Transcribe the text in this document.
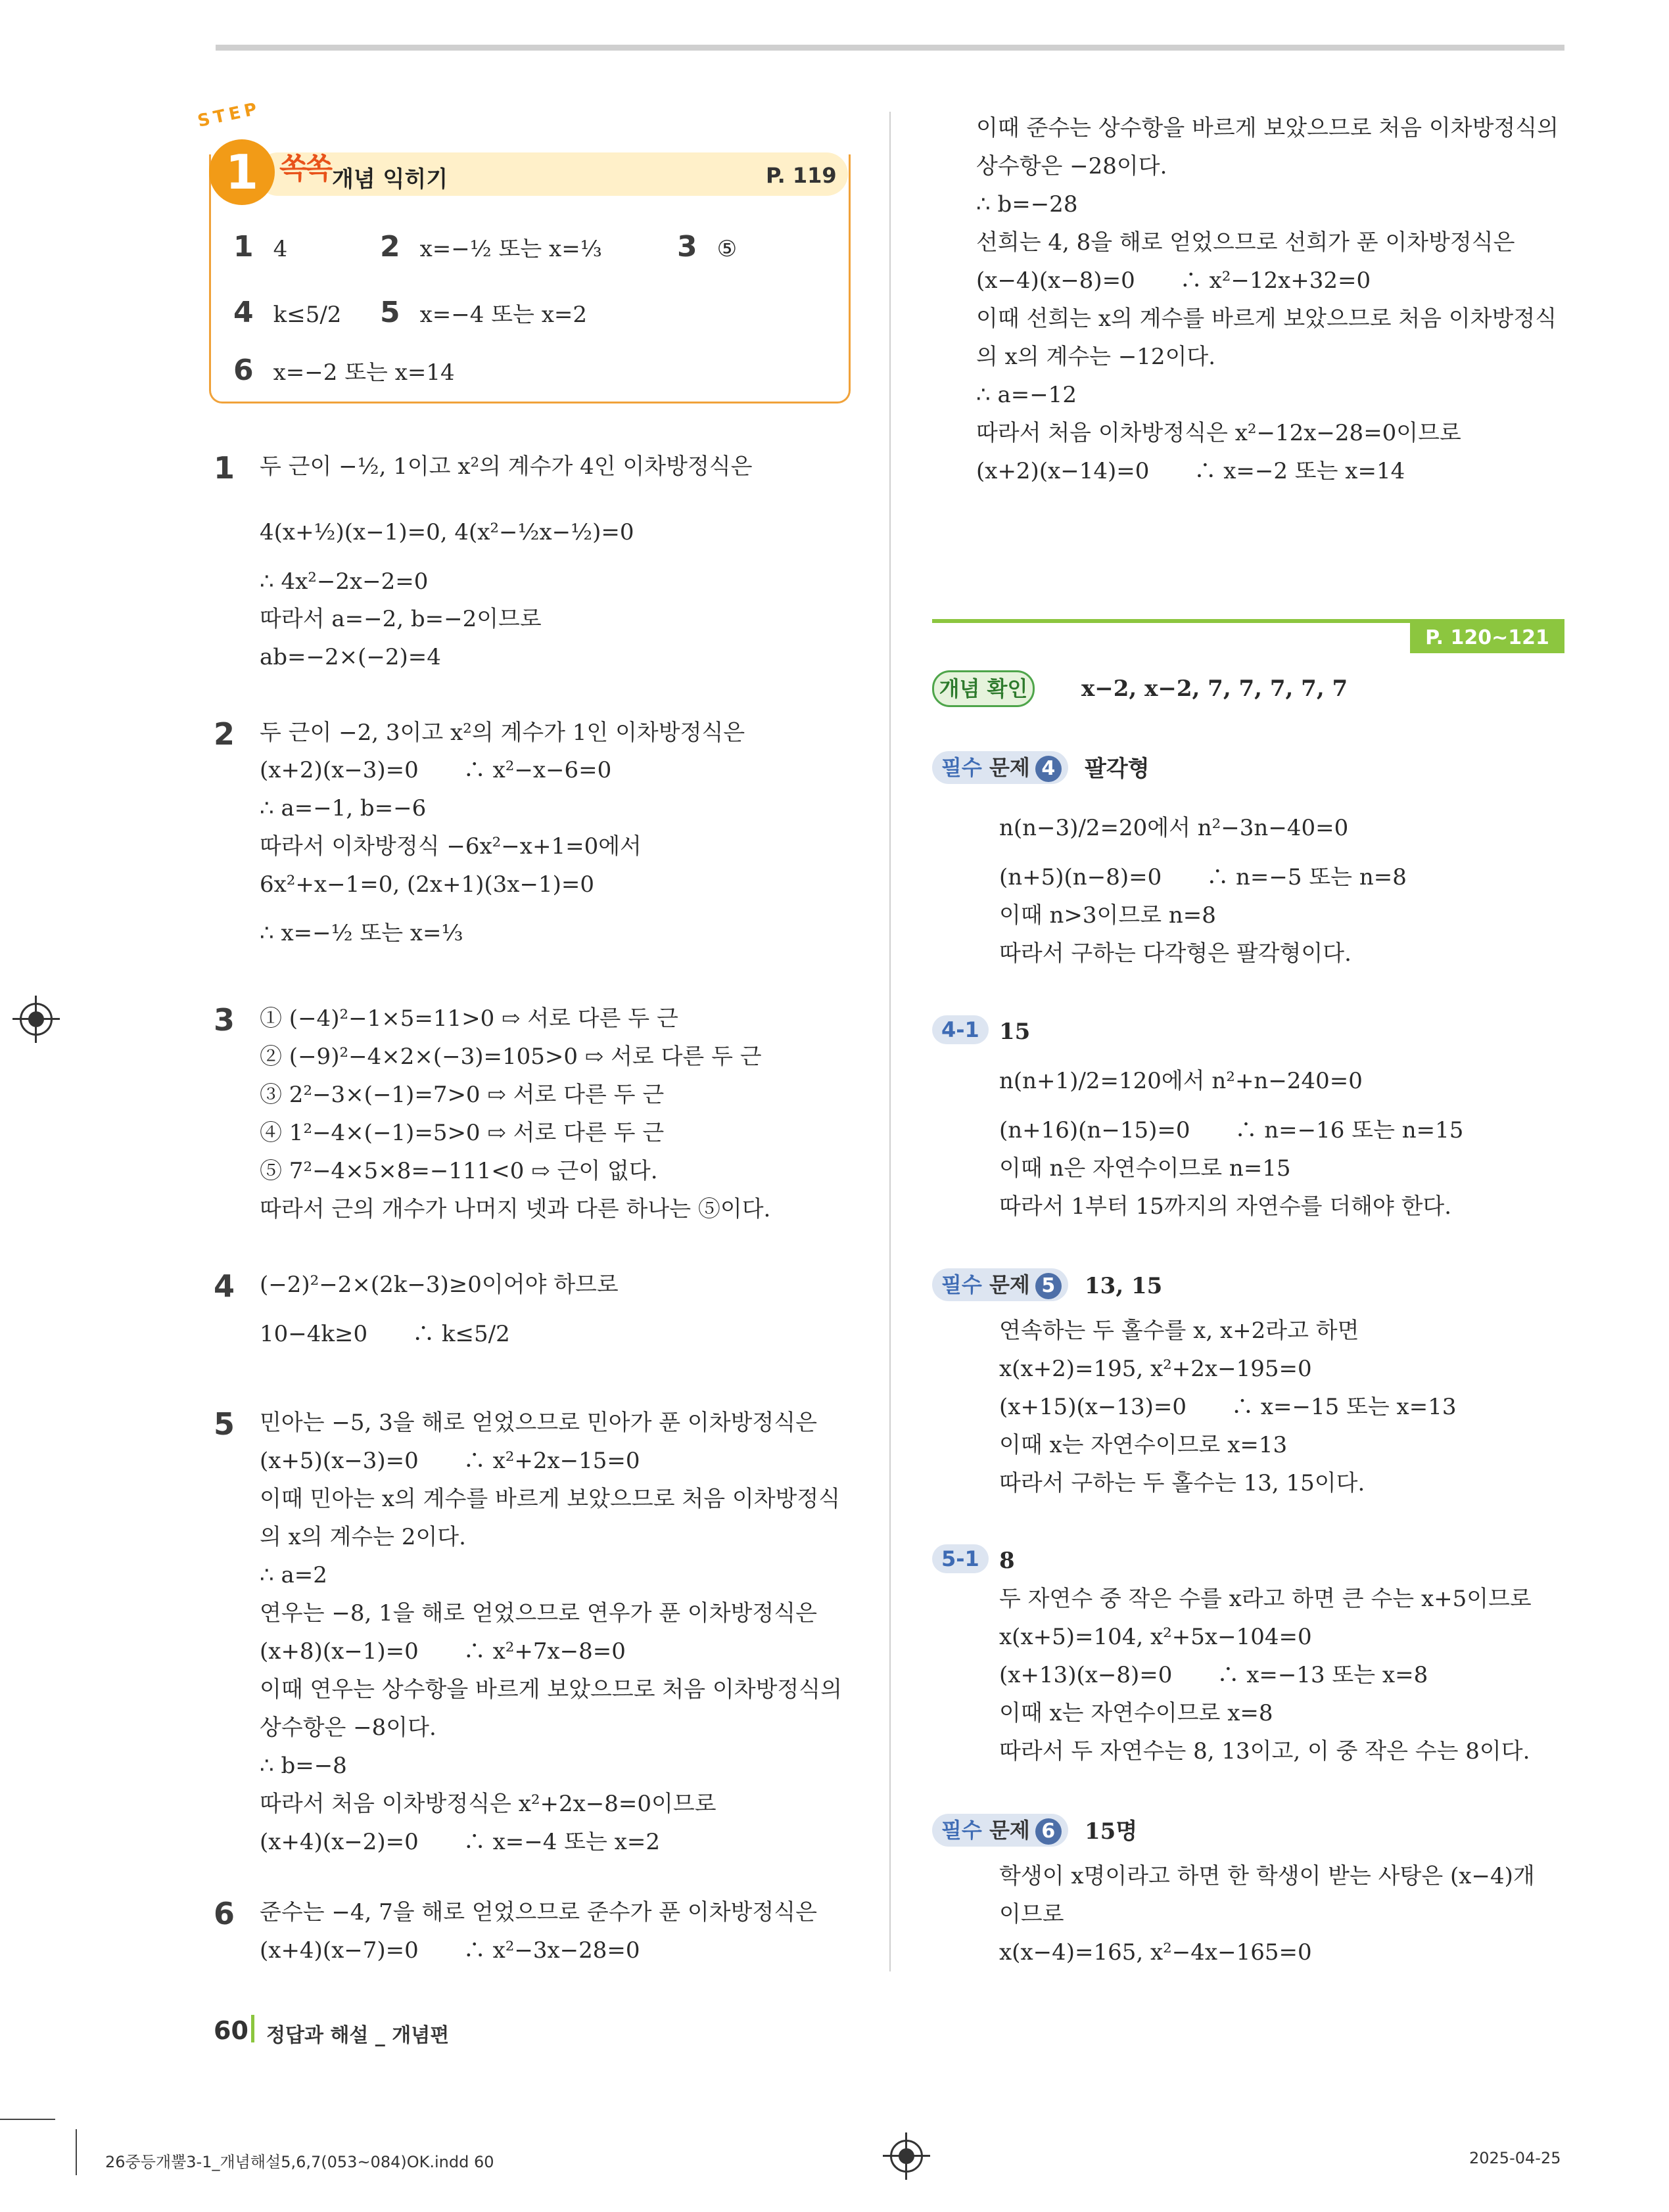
STEP
1 쏙쏙 개념 익히기	P. 119
1 4	2 x=−½ 또는 x=⅓	3 ⑤
4 k≤5/2 5 x=−4 또는 x=2
6 x=−2 또는 x=14
1 두 근이 −½, 1이고 x²의 계수가 4인 이차방정식은
4(x+½)(x−1)=0, 4(x²−½x−½)=0
∴ 4x²−2x−2=0
따라서 a=−2, b=−2이므로
ab=−2×(−2)=4
2 두 근이 −2, 3이고 x²의 계수가 1인 이차방정식은
(x+2)(x−3)=0　　∴ x²−x−6=0
∴ a=−1, b=−6
따라서 이차방정식 −6x²−x+1=0에서
6x²+x−1=0, (2x+1)(3x−1)=0
∴ x=−½ 또는 x=⅓
3 ① (−4)²−1×5=11>0 ⇨ 서로 다른 두 근
② (−9)²−4×2×(−3)=105>0 ⇨ 서로 다른 두 근
③ 2²−3×(−1)=7>0 ⇨ 서로 다른 두 근
④ 1²−4×(−1)=5>0 ⇨ 서로 다른 두 근
⑤ 7²−4×5×8=−111<0 ⇨ 근이 없다.
따라서 근의 개수가 나머지 넷과 다른 하나는 ⑤이다.
4 (−2)²−2×(2k−3)≥0이어야 하므로
10−4k≥0　　∴ k≤5/2
5 민아는 −5, 3을 해로 얻었으므로 민아가 푼 이차방정식은
(x+5)(x−3)=0　　∴ x²+2x−15=0
이때 민아는 x의 계수를 바르게 보았으므로 처음 이차방정식
의 x의 계수는 2이다.
∴ a=2
연우는 −8, 1을 해로 얻었으므로 연우가 푼 이차방정식은
(x+8)(x−1)=0　　∴ x²+7x−8=0
이때 연우는 상수항을 바르게 보았으므로 처음 이차방정식의
상수항은 −8이다.
∴ b=−8
따라서 처음 이차방정식은 x²+2x−8=0이므로
(x+4)(x−2)=0　　∴ x=−4 또는 x=2
6 준수는 −4, 7을 해로 얻었으므로 준수가 푼 이차방정식은
(x+4)(x−7)=0　　∴ x²−3x−28=0
이때 준수는 상수항을 바르게 보았으므로 처음 이차방정식의
상수항은 −28이다.
∴ b=−28
선희는 4, 8을 해로 얻었으므로 선희가 푼 이차방정식은
(x−4)(x−8)=0　　∴ x²−12x+32=0
이때 선희는 x의 계수를 바르게 보았으므로 처음 이차방정식
의 x의 계수는 −12이다.
∴ a=−12
따라서 처음 이차방정식은 x²−12x−28=0이므로
(x+2)(x−14)=0　　∴ x=−2 또는 x=14
P. 120∼121
개념 확인	x−2, x−2, 7, 7, 7, 7, 7
필수 문제 4	팔각형
n(n−3)/2=20에서 n²−3n−40=0
(n+5)(n−8)=0　　∴ n=−5 또는 n=8
이때 n>3이므로 n=8
따라서 구하는 다각형은 팔각형이다.
4-1 15
n(n+1)/2=120에서 n²+n−240=0
(n+16)(n−15)=0　　∴ n=−16 또는 n=15
이때 n은 자연수이므로 n=15
따라서 1부터 15까지의 자연수를 더해야 한다.
필수 문제 5	13, 15
연속하는 두 홀수를 x, x+2라고 하면
x(x+2)=195, x²+2x−195=0
(x+15)(x−13)=0　　∴ x=−15 또는 x=13
이때 x는 자연수이므로 x=13
따라서 구하는 두 홀수는 13, 15이다.
5-1 8
두 자연수 중 작은 수를 x라고 하면 큰 수는 x+5이므로
x(x+5)=104, x²+5x−104=0
(x+13)(x−8)=0　　∴ x=−13 또는 x=8
이때 x는 자연수이므로 x=8
따라서 두 자연수는 8, 13이고, 이 중 작은 수는 8이다.
필수 문제 6	15명
학생이 x명이라고 하면 한 학생이 받는 사탕은 (x−4)개
이므로
x(x−4)=165, x²−4x−165=0
60 정답과 해설 _ 개념편
26중등개뿔3-1_개념해설5,6,7(053~084)OK.indd 60	2025-04-25
